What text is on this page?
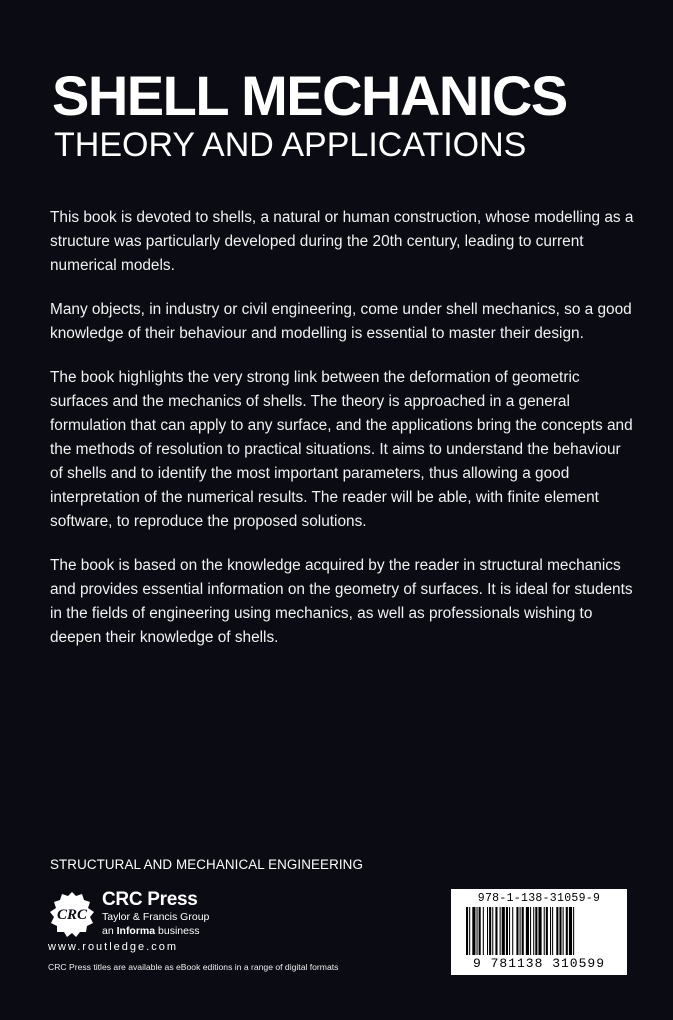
SHELL MECHANICS
THEORY AND APPLICATIONS

This book is devoted to shells, a natural or human construction, whose modelling as a structure was particularly developed during the 20th century, leading to current numerical models.

Many objects, in industry or civil engineering, come under shell mechanics, so a good knowledge of their behaviour and modelling is essential to master their design.

The book highlights the very strong link between the deformation of geometric surfaces and the mechanics of shells. The theory is approached in a general formulation that can apply to any surface, and the applications bring the concepts and the methods of resolution to practical situations. It aims to understand the behaviour of shells and to identify the most important parameters, thus allowing a good interpretation of the numerical results. The reader will be able, with finite element software, to reproduce the proposed solutions.

The book is based on the knowledge acquired by the reader in structural mechanics and provides essential information on the geometry of surfaces. It is ideal for students in the fields of engineering using mechanics, as well as professionals wishing to deepen their knowledge of shells.

STRUCTURAL AND MECHANICAL ENGINEERING
CRC
CRC Press
Taylor & Francis Group
an Informa business
www.routledge.com
CRC Press titles are available as eBook editions in a range of digital formats
978-1-138-31059-9
9 781138 310599
